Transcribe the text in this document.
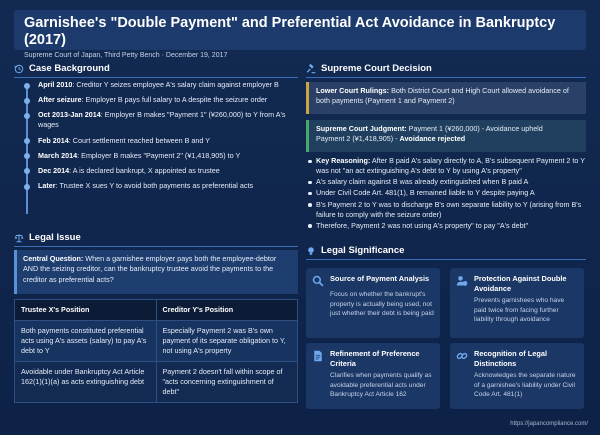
Garnishee's "Double Payment" and Preferential Act Avoidance in Bankruptcy (2017)
Supreme Court of Japan, Third Petty Bench · December 19, 2017
Case Background
April 2010: Creditor Y seizes employee A's salary claim against employer B
After seizure: Employer B pays full salary to A despite the seizure order
Oct 2013-Jan 2014: Employer B makes "Payment 1" (¥260,000) to Y from A's wages
Feb 2014: Court settlement reached between B and Y
March 2014: Employer B makes "Payment 2" (¥1,418,905) to Y
Dec 2014: A is declared bankrupt, X appointed as trustee
Later: Trustee X sues Y to avoid both payments as preferential acts
Legal Issue
Central Question: When a garnishee employer pays both the employee-debtor AND the seizing creditor, can the bankruptcy trustee avoid the payments to the creditor as preferential acts?
Trustee X's Position	Creditor Y's Position
Both payments constituted preferential acts using A's assets (salary) to pay A's debt to Y	Especially Payment 2 was B's own payment of its separate obligation to Y, not using A's property
Avoidable under Bankruptcy Act Article 162(1)(1)(a) as acts extinguishing debt	Payment 2 doesn't fall within scope of "acts concerning extinguishment of debt"
Supreme Court Decision
Lower Court Rulings: Both District Court and High Court allowed avoidance of both payments (Payment 1 and Payment 2)
Supreme Court Judgment: Payment 1 (¥260,000) - Avoidance upheld
Payment 2 (¥1,418,905) - Avoidance rejected
Key Reasoning: After B paid A's salary directly to A, B's subsequent Payment 2 to Y was not "an act extinguishing A's debt to Y by using A's property"
A's salary claim against B was already extinguished when B paid A
Under Civil Code Art. 481(1), B remained liable to Y despite paying A
B's Payment 2 to Y was to discharge B's own separate liability to Y (arising from B's failure to comply with the seizure order)
Therefore, Payment 2 was not using A's property" to pay "A's debt"
Legal Significance
Source of Payment Analysis
Focus on whether the bankrupt's property is actually being used, not just whether their debt is being paid
Protection Against Double Avoidance
Prevents garnishees who have paid twice from facing further liability through avoidance
Refinement of Preference Criteria
Clarifies when payments qualify as avoidable preferential acts under Bankruptcy Act Article 162
Recognition of Legal Distinctions
Acknowledges the separate nature of a garnishee's liability under Civil Code Art. 481(1)
https://japancompliance.com/
